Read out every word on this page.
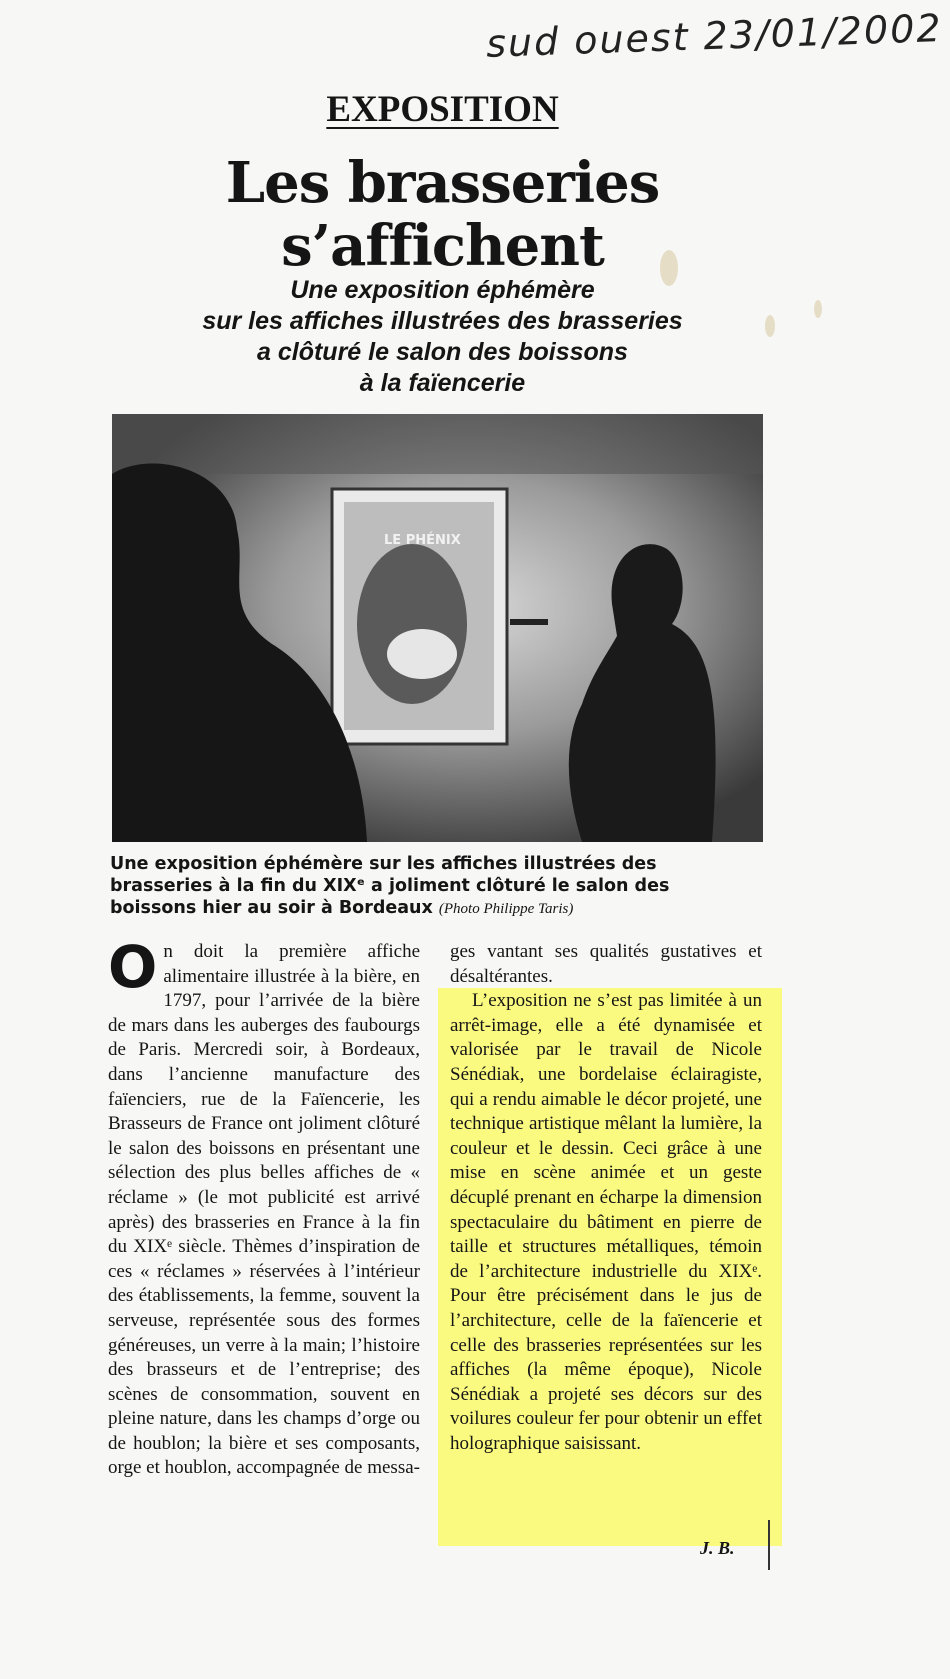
sud ouest 23/01/2002
EXPOSITION
Les brasseries
s’affichent
Une exposition éphémère
sur les affiches illustrées des brasseries
a clôturé le salon des boissons
à la faïencerie
LE PHÉNIX
Une exposition éphémère sur les affiches illustrées des brasseries à la fin du XIXᵉ a joliment clôturé le salon des boissons hier au soir à Bordeaux (Photo Philippe Taris)
O n doit la première affiche alimentaire illustrée à la bière, en 1797, pour l’arrivée de la bière de mars dans les auberges des faubourgs de Paris. Mercredi soir, à Bordeaux, dans l’ancienne manufacture des faïenciers, rue de la Faïencerie, les Brasseurs de France ont joliment clôturé le salon des boissons en présentant une sélection des plus belles affiches de « réclame » (le mot publicité est arrivé après) des brasseries en France à la fin du XIXᵉ siècle. Thèmes d’inspiration de ces « réclames » réservées à l’intérieur des établissements, la femme, souvent la serveuse, représentée sous des formes généreuses, un verre à la main; l’histoire des brasseurs et de l’entreprise; des scènes de consommation, souvent en pleine nature, dans les champs d’orge ou de houblon; la bière et ses composants, orge et houblon, accompagnée de messa-

ges vantant ses qualités gustatives et désaltérantes.

L’exposition ne s’est pas limitée à un arrêt-image, elle a été dynamisée et valorisée par le travail de Nicole Sénédiak, une bordelaise éclairagiste, qui a rendu aimable le décor projeté, une technique artistique mêlant la lumière, la couleur et le dessin. Ceci grâce à une mise en scène animée et un geste décuplé prenant en écharpe la dimension spectaculaire du bâtiment en pierre de taille et structures métalliques, témoin de l’architecture industrielle du XIXᵉ. Pour être précisément dans le jus de l’architecture, celle de la faïencerie et celle des brasseries représentées sur les affiches (la même époque), Nicole Sénédiak a projeté ses décors sur des voilures couleur fer pour obtenir un effet holographique saisissant.

J. B.
